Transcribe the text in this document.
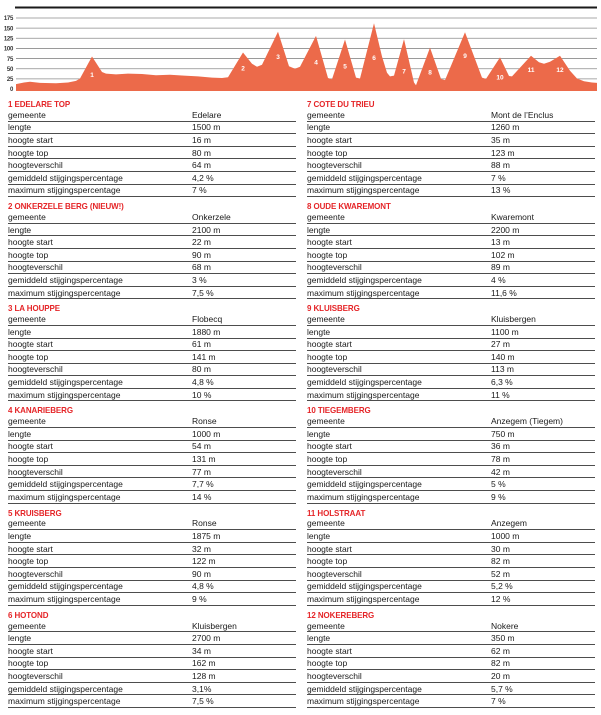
0
25
50
75
100
125
150
175
1
2
3
4
5
6
7	8
9
10
11	12
1 EDELARE TOP
gemeente	Edelare
lengte	1500 m
hoogte start	16 m
hoogte top	80 m
hoogteverschil	64 m
gemiddeld stijgingspercentage	4,2 %
maximum stijgingspercentage	7 %
2 ONKERZELE BERG (NIEUW!)
gemeente	Onkerzele
lengte	2100 m
hoogte start	22 m
hoogte top	90 m
hoogteverschil	68 m
gemiddeld stijgingspercentage	3 %
maximum stijgingspercentage	7,5 %
3 LA HOUPPE
gemeente	Flobecq
lengte	1880 m
hoogte start	61 m
hoogte top	141 m
hoogteverschil	80 m
gemiddeld stijgingspercentage	4,8 %
maximum stijgingspercentage	10 %
4 KANARIEBERG
gemeente	Ronse
lengte	1000 m
hoogte start	54 m
hoogte top	131 m
hoogteverschil	77 m
gemiddeld stijgingspercentage	7,7 %
maximum stijgingspercentage	14 %
5 KRUISBERG
gemeente	Ronse
lengte	1875 m
hoogte start	32 m
hoogte top	122 m
hoogteverschil	90 m
gemiddeld stijgingspercentage	4,8 %
maximum stijgingspercentage	9 %
6 HOTOND
gemeente	Kluisbergen
lengte	2700 m
hoogte start	34 m
hoogte top	162 m
hoogteverschil	128 m
gemiddeld stijgingspercentage	3,1%
maximum stijgingspercentage	7,5 %
7 COTE DU TRIEU
gemeente	Mont de l’Enclus
lengte	1260 m
hoogte start	35 m
hoogte top	123 m
hoogteverschil	88 m
gemiddeld stijgingspercentage	7 %
maximum stijgingspercentage	13 %
8 OUDE KWAREMONT
gemeente	Kwaremont
lengte	2200 m
hoogte start	13 m
hoogte top	102 m
hoogteverschil	89 m
gemiddeld stijgingspercentage	4 %
maximum stijgingspercentage	11,6 %
9 KLUISBERG
gemeente	Kluisbergen
lengte	1100 m
hoogte start	27 m
hoogte top	140 m
hoogteverschil	113 m
gemiddeld stijgingspercentage	6,3 %
maximum stijgingspercentage	11 %
10 TIEGEMBERG
gemeente	Anzegem (Tiegem)
lengte	750 m
hoogte start	36 m
hoogte top	78 m
hoogteverschil	42 m
gemiddeld stijgingspercentage	5 %
maximum stijgingspercentage	9 %
11 HOLSTRAAT
gemeente	Anzegem
lengte	1000 m
hoogte start	30 m
hoogte top	82 m
hoogteverschil	52 m
gemiddeld stijgingspercentage	5,2 %
maximum stijgingspercentage	12 %
12 NOKEREBERG
gemeente	Nokere
lengte	350 m
hoogte start	62 m
hoogte top	82 m
hoogteverschil	20 m
gemiddeld stijgingspercentage	5,7 %
maximum stijgingspercentage	7 %
